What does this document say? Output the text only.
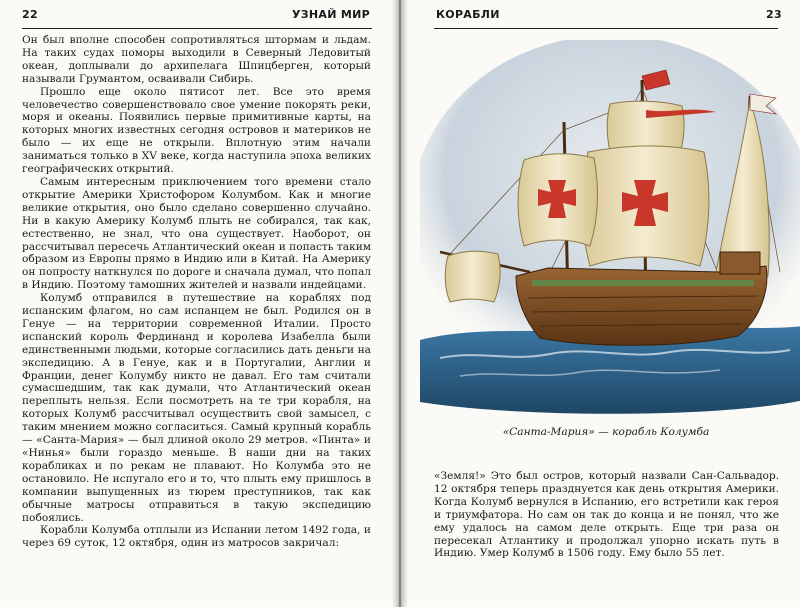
22	УЗНАЙ МИР

Он был вполне способен сопротивляться штормам и льдам. На таких судах поморы выходили в Северный Ледовитый океан, доплывали до архипелага Шпицберген, который называли Грумантом, осваивали Сибирь.

Прошло еще около пятисот лет. Все это время человечество совершенствовало свое умение покорять реки, моря и океаны. Появились первые примитивные карты, на которых многих известных сегодня островов и материков не было — их еще не открыли. Вплотную этим начали заниматься только в XV веке, когда наступила эпоха великих географических открытий.

Самым интересным приключением того времени стало открытие Америки Христофором Колумбом. Как и многие великие открытия, оно было сделано совершенно случайно. Ни в какую Америку Колумб плыть не собирался, так как, естественно, не знал, что она существует. Наоборот, он рассчитывал пересечь Атлантический океан и попасть таким образом из Европы прямо в Индию или в Китай. На Америку он попросту наткнулся по дороге и сначала думал, что попал в Индию. Поэтому тамошних жителей и назвали индейцами.

Колумб отправился в путешествие на кораблях под испанским флагом, но сам испанцем не был. Родился он в Генуе — на территории современной Италии. Просто испанский король Фердинанд и королева Изабелла были единственными людьми, которые согласились дать деньги на экспедицию. А в Генуе, как и в Португалии, Англии и Франции, денег Колумбу никто не давал. Его там считали сумасшедшим, так как думали, что Атлантический океан переплыть нельзя. Если посмотреть на те три корабля, на которых Колумб рассчитывал осуществить свой замысел, с таким мнением можно согласиться. Самый крупный корабль — «Санта-Мария» — был длиной около 29 метров. «Пинта» и «Нинья» были гораздо меньше. В наши дни на таких корабликах и по рекам не плавают. Но Колумба это не остановило. Не испугало его и то, что плыть ему пришлось в компании выпущенных из тюрем преступников, так как обычные матросы отправиться в такую экспедицию побоялись.

Корабли Колумба отплыли из Испании летом 1492 года, и через 69 суток, 12 октября, один из матросов закричал:

КОРАБЛИ	23
«Санта-Мария» — корабль Колумба

«Земля!» Это был остров, который назвали Сан-Сальвадор. 12 октября теперь празднуется как день открытия Америки. Когда Колумб вернулся в Испанию, его встретили как героя и триумфатора. Но сам он так до конца и не понял, что же ему удалось на самом деле открыть. Еще три раза он пересекал Атлантику и продолжал упорно искать путь в Индию. Умер Колумб в 1506 году. Ему было 55 лет.
